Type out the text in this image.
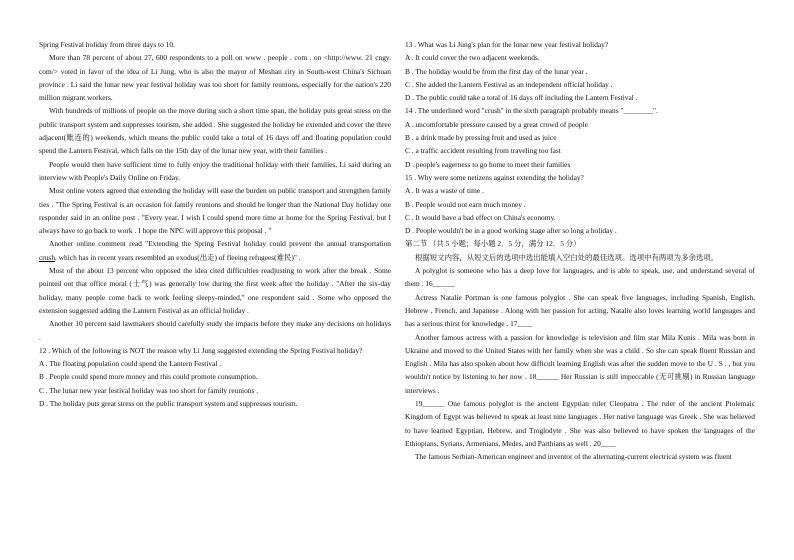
Spring Festival holiday from three days to 10.

More than 78 percent of about 27, 600 respondents to a poll on www . people . com . on <http://www. 21 cngy. com/> voted in favor of the idea of Li Jung, who is also the mayor of Meshan city in South-west China's Sichuan province . Li said the lunar new year festival holiday was too short for family reunions, especially for the nation's 220 million migrant workers.

With hundreds of millions of people on the move during such a short time span, the holiday puts great stress on the public transport system and suppresses tourism, she added . She suggested the holiday be extended and cover the three adjacent(毗连的) weekends, which means the public could take a total of 16 days off and floating population could spend the Lantern Festival, which falls on the 15th day of the lunar new year, with their families .

People would then have sufficient time to fully enjoy the traditional holiday with their families, Li said during an interview with People's Daily Online on Friday.

Most online voters agreed that extending the holiday will ease the burden on public transport and strengthen family ties . "The Spring Festival is an occasion for family reunions and should be longer than the National Day holiday one responder said in an online post . "Every year, I wish I could spend more time at home for the Spring Festival, but I always have to go back to work . I hope the NPC will approve this proposal . "

Another online comment read "Extending the Spring Festival holiday could prevent the annual transportation crush, which has in recent years resembled an exodus(出走) of fleeing refugees(难民)" .

Most of the about 13 percent who opposed the idea cited difficulties readjusting to work after the break . Some pointed out that office moral (士气) was generally low during the first week after the holiday . "After the six-day holiday, many people come back to work feeling sleepy-minded," one respondent said . Some who opposed the extension suggested adding the Lantern Festival as an official holiday .

Another 10 percent said lawmakers should carefully study the impacts before they make any decisions on holidays .

12 . Which of the following is NOT the reason why Li Jung suggested extending the Spring Festival holiday?

A . The floating population could spend the Lantern Festival .

B . People could spend more money and this could promote consumption.

C . The lunar new year festival holiday was too short for family reunions .

D . The holiday puts great stress on the public transport system and suppresses tourism.

13 . What was Li Jung's plan for the lunar new year festival holiday?

A . It could cover the two adjacent weekends.

B . The holiday would be from the first day of the lunar year .

C . She added the Lantern Festival as an independent official holiday .

D . The public could take a total of 16 days off including the Lantern Festival .

14 . The underlined word "crush" in the sixth paragraph probably means "________".

A . uncomfortable pressure caused by a great crowd of people

B . a drink made by pressing fruit and used as juice

C . a traffic accident resulting from traveling too fast

D . people's eagerness to go home to meet their families

15 . Why were some netizens against extending the holiday?

A . It was a waste of time .

B . People would not earn much money .

C . It would have a bad effect on China's economy.

D . People wouldn't be in a good working stage after so long a holiday .

第二节 （共 5 小题；每小题 2．5 分，满分 12．5 分）

根据短文内容，从短文后的选项中选出能填入空白处的最佳选项。选项中有两项为多余选项。

A polyglot is someone who has a deep love for languages, and is able to speak, use, and understand several of them . 16______

Actress Natalie Portman is one famous polyglot . She can speak five languages, including Spanish, English, Hebrew , French, and Japanese . Along with her passion for acting, Natalie also loves learning world languages and has a serious thirst for knowledge . 17____

Another famous actress with a passion for knowledge is television and film star Mila Kunis . Mila was born in Ukraine and moved to the United States with her family when she was a child . So she can speak fluent Russian and English . Mila has also spoken about how difficult learning English was after the sudden move to the U . S . , but you wouldn't notice by listening to her now . 18______ Her Russian is still impeccable (无可挑剔) in Russian language interviews .

19______ One famous polyglot is the ancient Egyptian ruler Cleopatra . The ruler of the ancient Ptolemaic Kingdom of Egypt was believed to speak at least nine languages . Her native language was Greek . She was believed to have learned Egyptian, Hebrew, and Troglodyte . She was also believed to have spoken the languages of the Ethiopians, Syrians, Armenians, Medes, and Parthians as well . 20____

The famous Serbian-American engineer and inventor of the alternating-current electrical system was fluent
